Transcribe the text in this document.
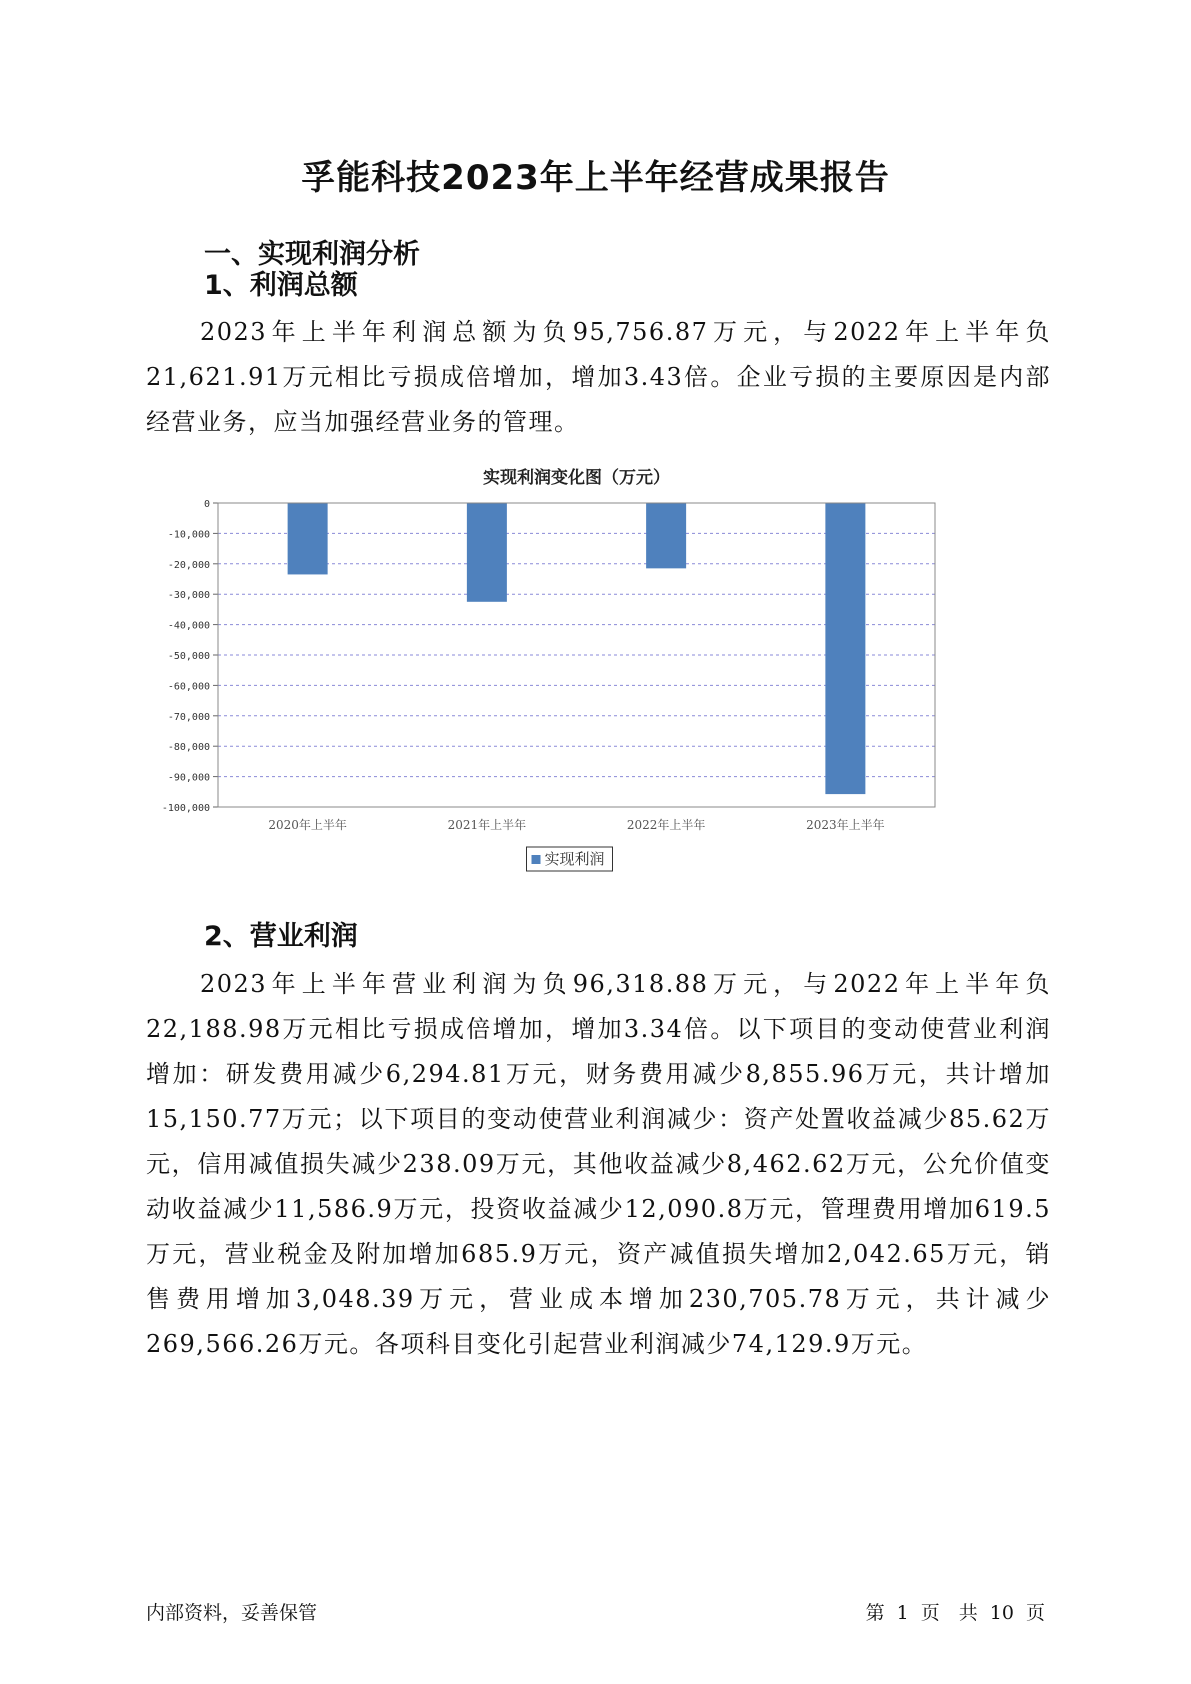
孚能科技2023年上半年经营成果报告
一、实现利润分析
1、利润总额
2023年上半年利润总额为负95,756.87万元，与2022年上半年负21,621.91万元相比亏损成倍增加，增加3.43倍。企业亏损的主要原因是内部经营业务，应当加强经营业务的管理。
实现利润变化图（万元）
0
-10,000
-20,000
-30,000
-40,000
-50,000
-60,000
-70,000
-80,000
-90,000
-100,000
2020年上半年	2021年上半年	2022年上半年	2023年上半年
实现利润
2、营业利润
2023年上半年营业利润为负96,318.88万元，与2022年上半年负22,188.98万元相比亏损成倍增加，增加3.34倍。以下项目的变动使营业利润增加：研发费用减少6,294.81万元，财务费用减少8,855.96万元，共计增加15,150.77万元；以下项目的变动使营业利润减少：资产处置收益减少85.62万元，信用减值损失减少238.09万元，其他收益减少8,462.62万元，公允价值变动收益减少11,586.9万元，投资收益减少12,090.8万元，管理费用增加619.5万元，营业税金及附加增加685.9万元，资产减值损失增加2,042.65万元，销售费用增加3,048.39万元，营业成本增加230,705.78万元，共计减少269,566.26万元。各项科目变化引起营业利润减少74,129.9万元。
内部资料，妥善保管	第 1 页　共 10 页
